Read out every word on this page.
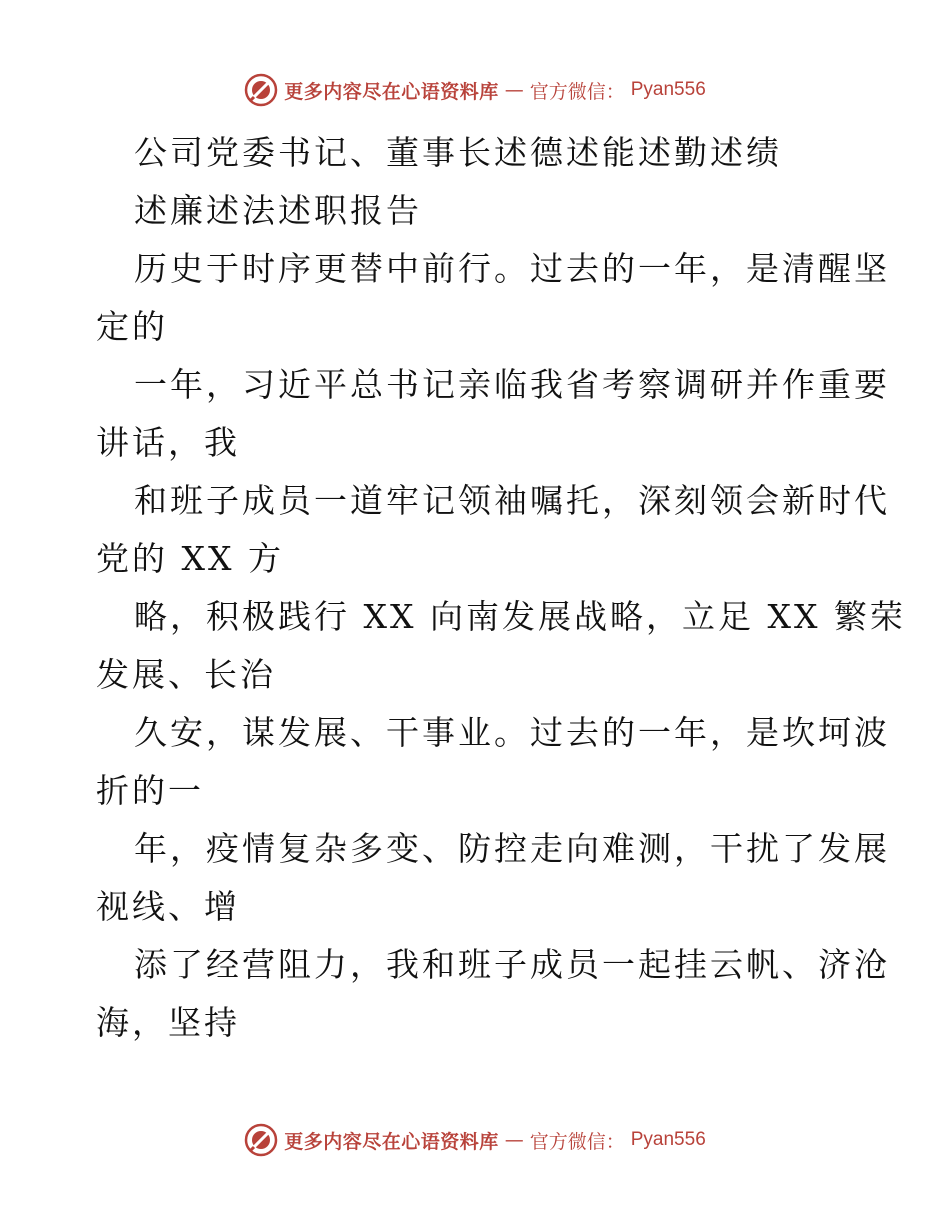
更多内容尽在心语资料库 — 官方微信： Pyan556
公司党委书记、董事长述德述能述勤述绩
述廉述法述职报告
历史于时序更替中前行。过去的一年，是清醒坚
定的
一年，习近平总书记亲临我省考察调研并作重要
讲话，我
和班子成员一道牢记领袖嘱托，深刻领会新时代
党的 XX 方
略，积极践行 XX 向南发展战略，立足 XX 繁荣
发展、长治
久安，谋发展、干事业。过去的一年，是坎坷波
折的一
年，疫情复杂多变、防控走向难测，干扰了发展
视线、增
添了经营阻力，我和班子成员一起挂云帆、济沧
海，坚持
更多内容尽在心语资料库 — 官方微信： Pyan556
